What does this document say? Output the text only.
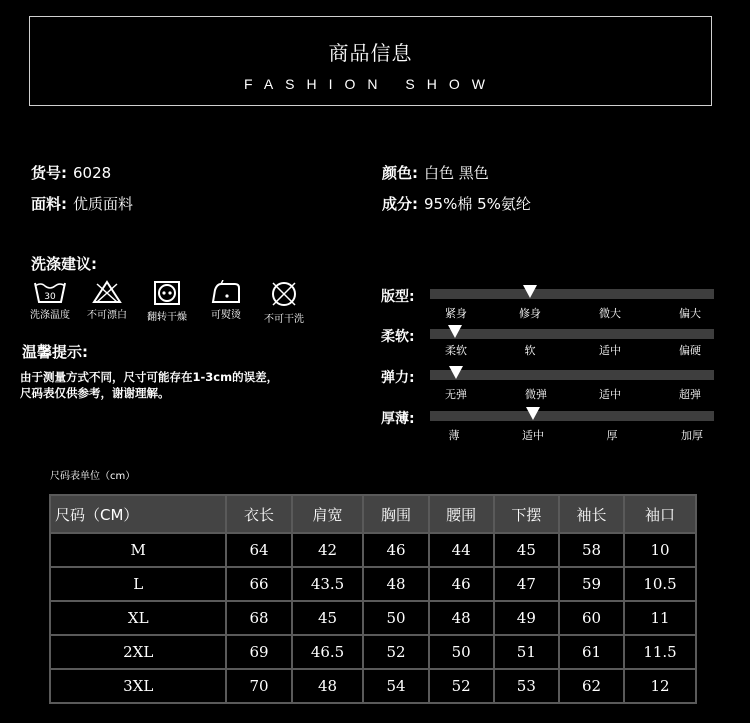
商品信息
FASHION SHOW
货号: 6028
面料: 优质面料
颜色: 白色 黑色
成分: 95%棉 5%氨纶
洗涤建议:
30
洗涤温度	不可漂白	翻转干燥	可熨烫	不可干洗
温馨提示:
由于测量方式不同，尺寸可能存在1-3cm的误差，
尺码表仅供参考，谢谢理解。
版型:
紧身	修身	微大	偏大
柔软:
柔软	软	适中	偏硬
弹力:
无弹	微弹	适中	超弹
厚薄:
薄	适中	厚	加厚
尺码表单位（cm）
尺码（CM）	衣长	肩宽	胸围	腰围	下摆	袖长	袖口
M	64	42	46	44	45	58	10
L	66	43.5	48	46	47	59	10.5
XL	68	45	50	48	49	60	11
2XL	69	46.5	52	50	51	61	11.5
3XL	70	48	54	52	53	62	12
